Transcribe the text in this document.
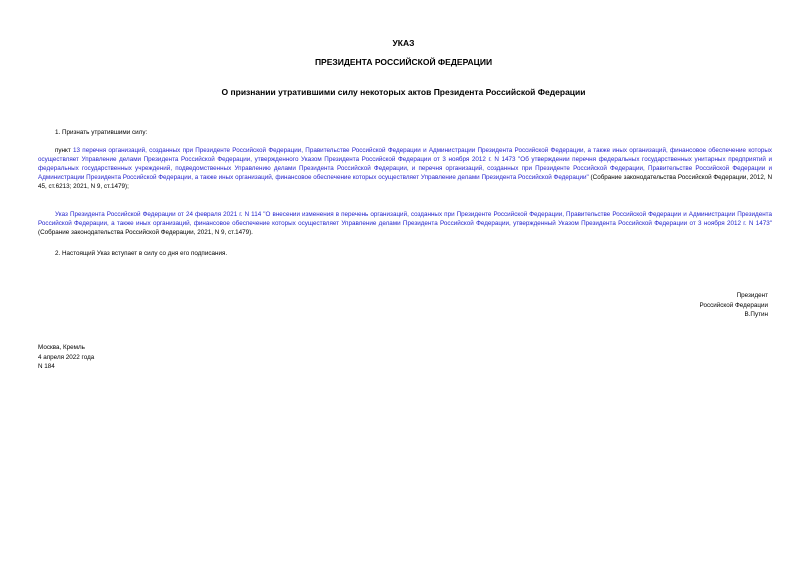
УКАЗ
ПРЕЗИДЕНТА РОССИЙСКОЙ ФЕДЕРАЦИИ
О признании утратившими силу некоторых актов Президента Российской Федерации
1. Признать утратившими силу:
пункт 13 перечня организаций, созданных при Президенте Российской Федерации, Правительстве Российской Федерации и Администрации Президента Российской Федерации, а также иных организаций, финансовое обеспечение которых осуществляет Управление делами Президента Российской Федерации, утвержденного Указом Президента Российской Федерации от 3 ноября 2012 г. N 1473 "Об утверждении перечня федеральных государственных унитарных предприятий и федеральных государственных учреждений, подведомственных Управлению делами Президента Российской Федерации, и перечня организаций, созданных при Президенте Российской Федерации, Правительстве Российской Федерации и Администрации Президента Российской Федерации, а также иных организаций, финансовое обеспечение которых осуществляет Управление делами Президента Российской Федерации" (Собрание законодательства Российской Федерации, 2012, N 45, ст.6213; 2021, N 9, ст.1479);
Указ Президента Российской Федерации от 24 февраля 2021 г. N 114 "О внесении изменения в перечень организаций, созданных при Президенте Российской Федерации, Правительстве Российской Федерации и Администрации Президента Российской Федерации, а также иных организаций, финансовое обеспечение которых осуществляет Управление делами Президента Российской Федерации, утвержденный Указом Президента Российской Федерации от 3 ноября 2012 г. N 1473" (Собрание законодательства Российской Федерации, 2021, N 9, ст.1479).
2. Настоящий Указ вступает в силу со дня его подписания.
Президент
Российской Федерации
В.Путин
Москва, Кремль
4 апреля 2022 года
N 184
